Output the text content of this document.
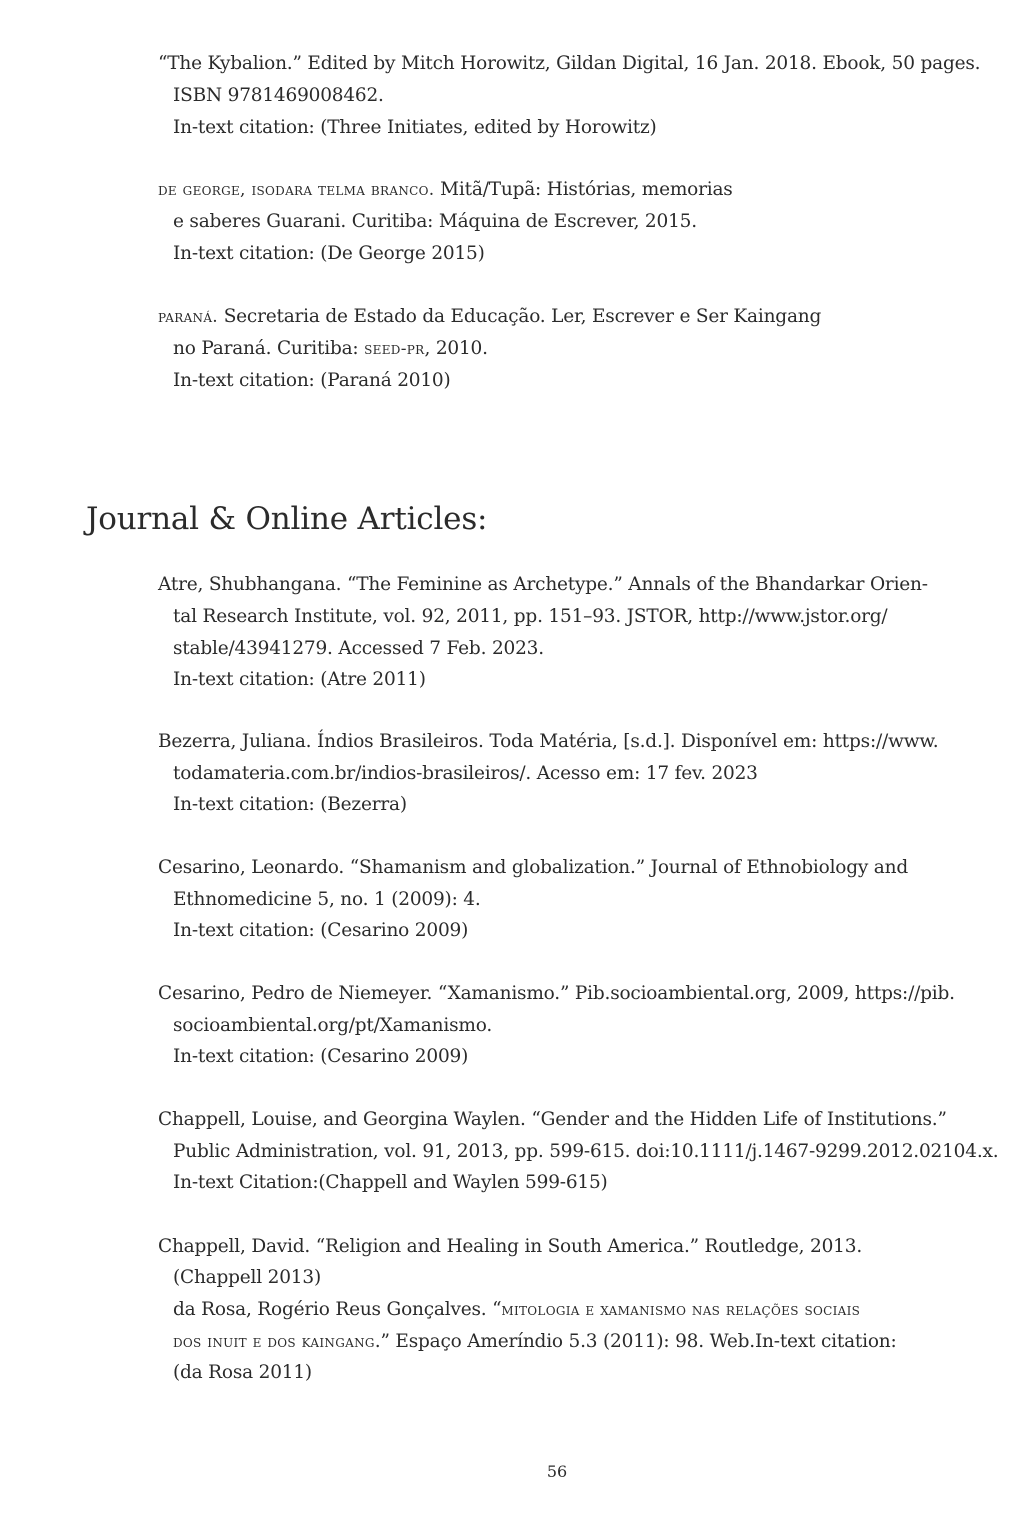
“The Kybalion.” Edited by Mitch Horowitz, Gildan Digital, 16 Jan. 2018. Ebook, 50 pages.
ISBN 9781469008462.
In-text citation: (Three Initiates, edited by Horowitz)
de george, isodara telma branco. Mitã/Tupã: Histórias, memorias
e saberes Guarani. Curitiba: Máquina de Escrever, 2015.
In-text citation: (De George 2015)
paraná. Secretaria de Estado da Educação. Ler, Escrever e Ser Kaingang
no Paraná. Curitiba: seed-pr, 2010.
In-text citation: (Paraná 2010)
Journal & Online Articles:
Atre, Shubhangana. “The Feminine as Archetype.” Annals of the Bhandarkar Orien-
tal Research Institute, vol. 92, 2011, pp. 151–93. JSTOR, http://www.jstor.org/
stable/43941279. Accessed 7 Feb. 2023.
In-text citation: (Atre 2011)
Bezerra, Juliana. Índios Brasileiros. Toda Matéria, [s.d.]. Disponível em: https://www.
todamateria.com.br/indios-brasileiros/. Acesso em: 17 fev. 2023
In-text citation: (Bezerra)
Cesarino, Leonardo. “Shamanism and globalization.” Journal of Ethnobiology and
Ethnomedicine 5, no. 1 (2009): 4.
In-text citation: (Cesarino 2009)
Cesarino, Pedro de Niemeyer. “Xamanismo.” Pib.socioambiental.org, 2009, https://pib.
socioambiental.org/pt/Xamanismo.
In-text citation: (Cesarino 2009)
Chappell, Louise, and Georgina Waylen. “Gender and the Hidden Life of Institutions.”
Public Administration, vol. 91, 2013, pp. 599-615. doi:10.1111/j.1467-9299.2012.02104.x.
In-text Citation:(Chappell and Waylen 599-615)
Chappell, David. “Religion and Healing in South America.” Routledge, 2013.
(Chappell 2013)
da Rosa, Rogério Reus Gonçalves. “mitologia e xamanismo nas relações sociais
dos inuit e dos kaingang.” Espaço Ameríndio 5.3 (2011): 98. Web.In-text citation:
(da Rosa 2011)
56
